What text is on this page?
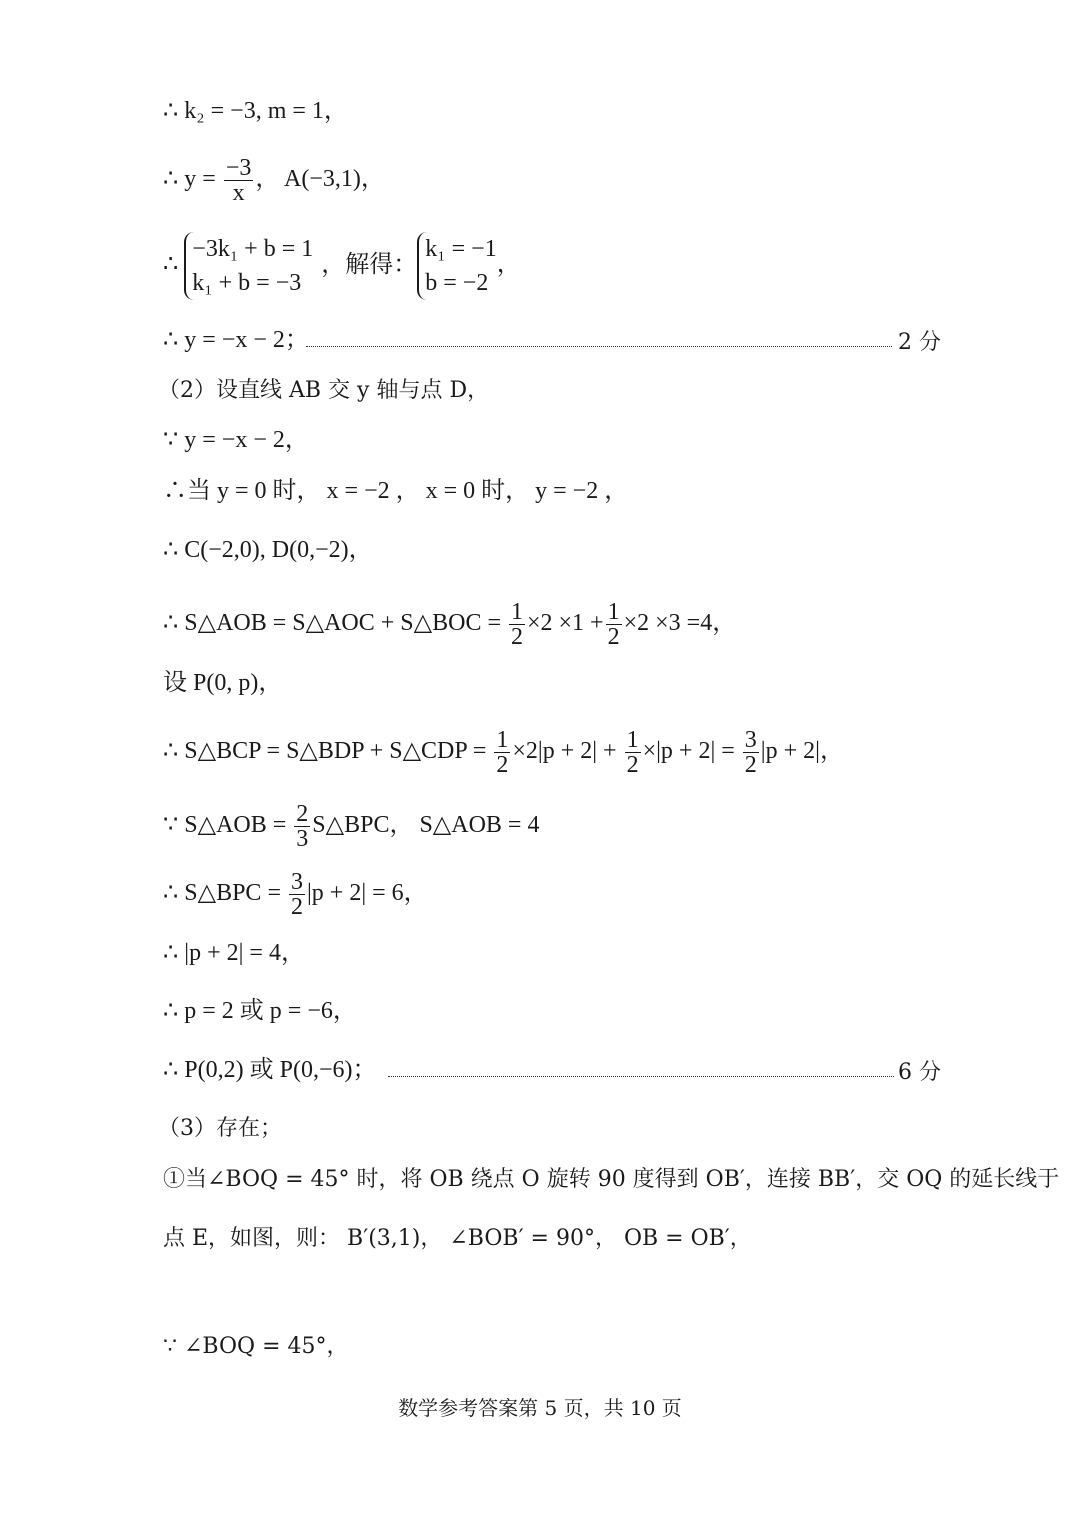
∴ k₂ = −3, m = 1，
∴ $y = \frac{-3}{x}$ ， A(−3,1)，
∴
−3k₁ + b = 1
k₁ + b = −3
，解得：
k₁ = −1
b = −2
，
∴ y = −x − 2；	2 分
（2）设直线 AB 交 y 轴与点 D，
∵ y = −x − 2，
∴当 y = 0 时， x = −2 ， x = 0 时， y = −2 ，
∴ C(−2,0), D(0,−2)，
∴ S△AOB = S△AOC + S△BOC = $\frac{1}{2} \times 2 \times 1 + \frac{1}{2} \times 2 \times 3 =4$，
设 P(0, p)，
∴ S△BCP = S△BDP + S△CDP = $\frac{1}{2} \times 2|p + 2| + \frac{1}{2} \times|p + 2| = \frac{3}{2} |p + 2|$，
∵ S△AOB = $\frac{2}{3}$ S△BPC， S△AOB = 4
∴ S△BPC = $\frac{3}{2} |p + 2| = 6$，
∴ |p + 2| = 4，
∴ p = 2 或 p = −6，
∴ P(0,2) 或 P(0,−6)；	6 分
（3）存在；
①当∠BOQ = 45° 时，将 OB 绕点 O 旋转 90 度得到 OB′，连接 BB′，交 OQ 的延长线于
点 E，如图，则： B′(3,1)， ∠BOB′ = 90°， OB = OB′，
∵ ∠BOQ = 45°，
数学参考答案第 5 页，共 10 页
